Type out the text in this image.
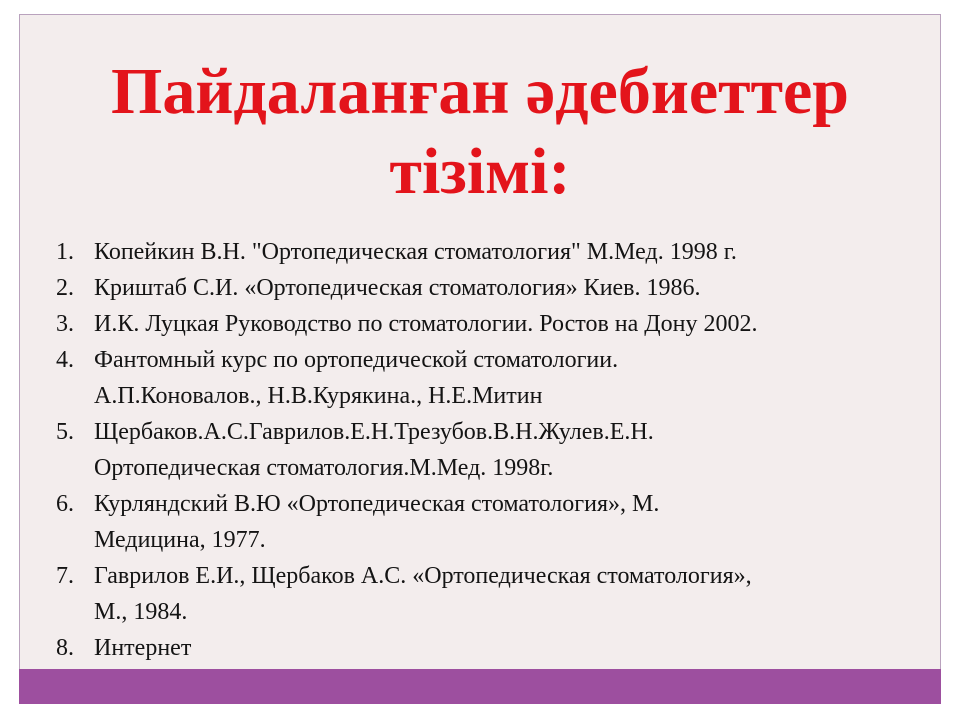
Пайдаланған әдебиеттер
тізімі:
1. Копейкин В.Н. "Ортопедическая стоматология" М.Мед. 1998 г.
2. Криштаб С.И. «Ортопедическая стоматология» Киев. 1986.
3. И.К. Луцкая Руководство по стоматологии. Ростов на Дону 2002.
4. Фантомный курс по ортопедической стоматологии.
А.П.Коновалов., Н.В.Курякина., Н.Е.Митин
5. Щербаков.А.С.Гаврилов.Е.Н.Трезубов.В.Н.Жулев.Е.Н.
Ортопедическая стоматология.М.Мед. 1998г.
6. Курляндский В.Ю «Ортопедическая стоматология», М.
Медицина, 1977.
7. Гаврилов Е.И., Щербаков А.С. «Ортопедическая стоматология»,
М., 1984.
8. Интернет
